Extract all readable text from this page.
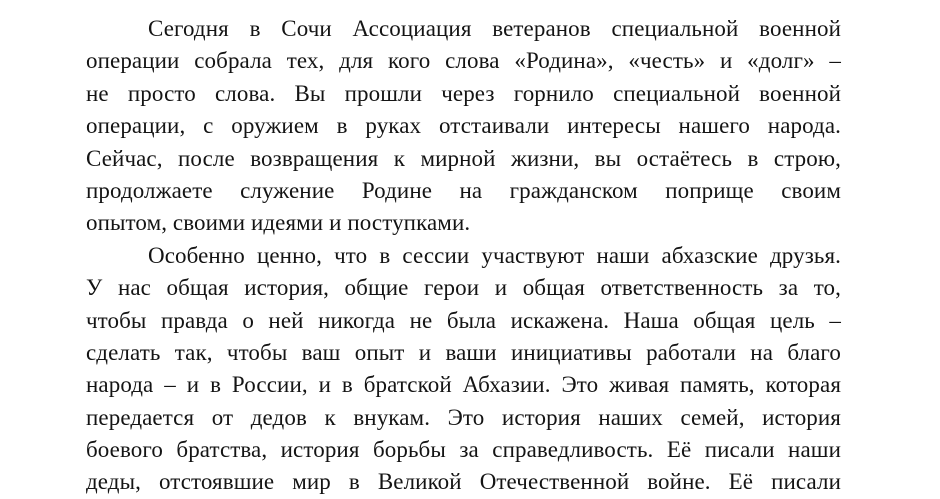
Сегодня в Сочи Ассоциация ветеранов специальной военной
операции собрала тех, для кого слова «Родина», «честь» и «долг» –
не просто слова. Вы прошли через горнило специальной военной
операции, с оружием в руках отстаивали интересы нашего народа.
Сейчас, после возвращения к мирной жизни, вы остаётесь в строю,
продолжаете служение Родине на гражданском поприще своим
опытом, своими идеями и поступками.
Особенно ценно, что в сессии участвуют наши абхазские друзья.
У нас общая история, общие герои и общая ответственность за то,
чтобы правда о ней никогда не была искажена. Наша общая цель –
сделать так, чтобы ваш опыт и ваши инициативы работали на благо
народа – и в России, и в братской Абхазии. Это живая память, которая
передается от дедов к внукам. Это история наших семей, история
боевого братства, история борьбы за справедливость. Её писали наши
деды, отстоявшие мир в Великой Отечественной войне. Её писали
